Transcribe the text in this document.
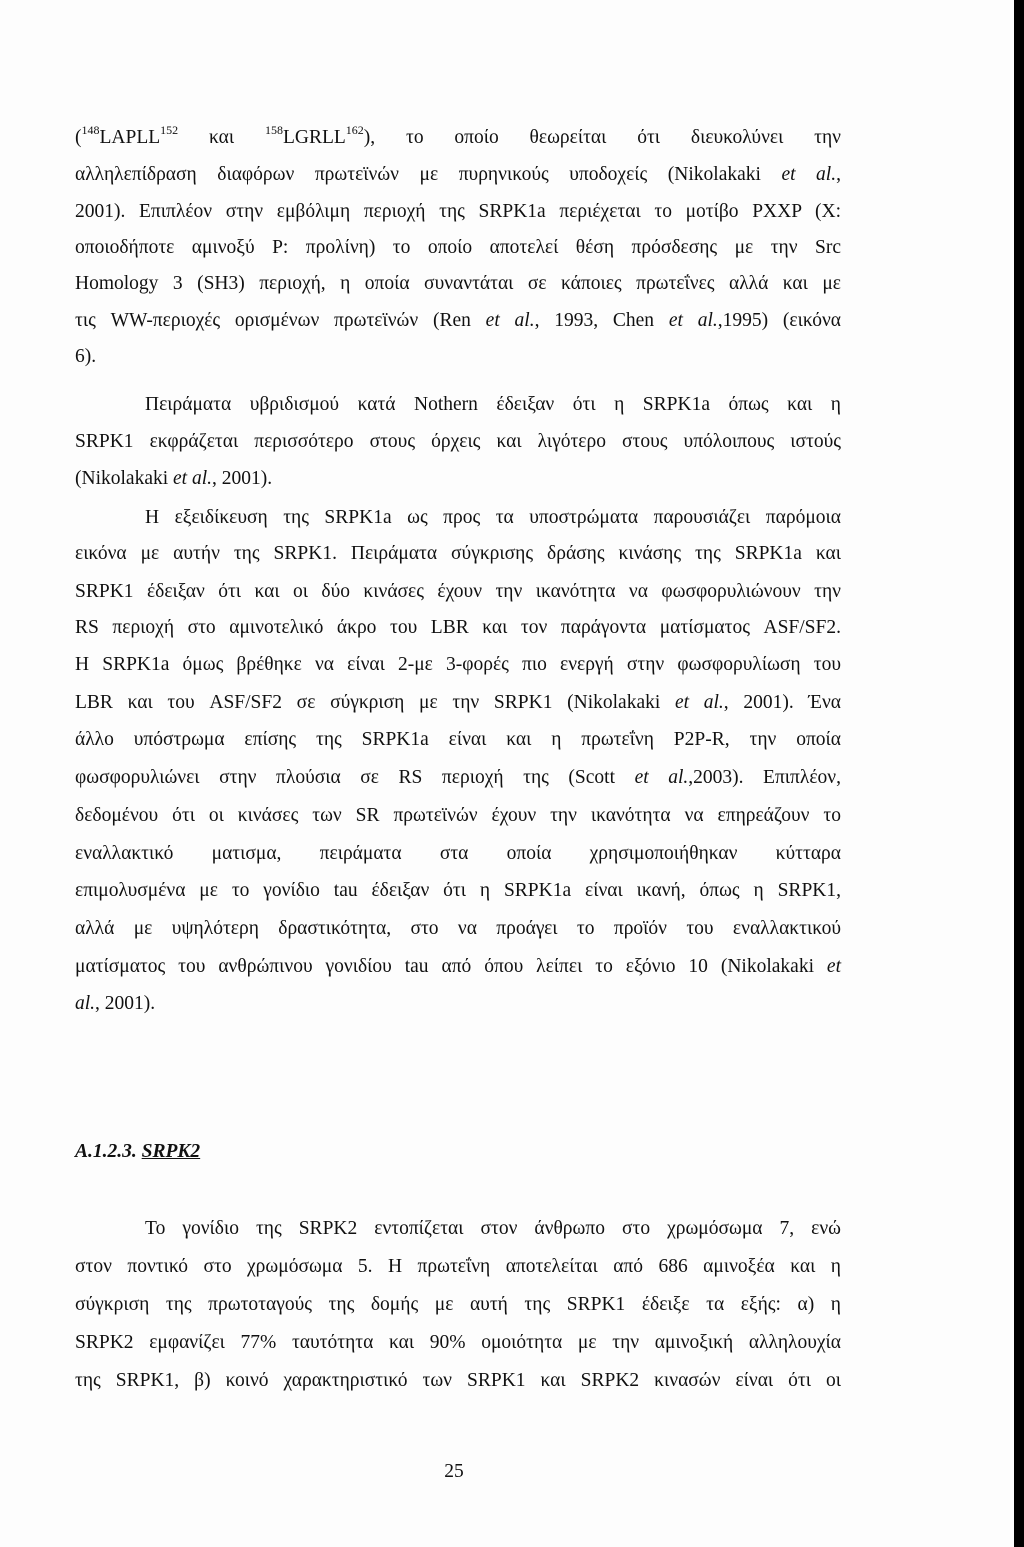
($^{148}$LAPLL$^{152}$ και $^{158}$LGRLL$^{162}$), το οποίο θεωρείται ότι διευκολύνει την
αλληλεπίδραση διαφόρων πρωτεϊνών με πυρηνικούς υποδοχείς (Nikolakaki et al.,
2001). Επιπλέον στην εμβόλιμη περιοχή της SRPK1a περιέχεται το μοτίβο PXXP (X:
οποιοδήποτε αμινοξύ P: προλίνη) το οποίο αποτελεί θέση πρόσδεσης με την Src
Homology 3 (SH3) περιοχή, η οποία συναντάται σε κάποιες πρωτεΐνες αλλά και με
τις WW-περιοχές ορισμένων πρωτεϊνών (Ren et al., 1993, Chen et al.,1995) (εικόνα
6).
Πειράματα υβριδισμού κατά Nothern έδειξαν ότι η SRPK1a όπως και η
SRPK1 εκφράζεται περισσότερο στους όρχεις και λιγότερο στους υπόλοιπους ιστούς
(Nikolakaki et al., 2001).
Η εξειδίκευση της SRPK1a ως προς τα υποστρώματα παρουσιάζει παρόμοια
εικόνα με αυτήν της SRPK1. Πειράματα σύγκρισης δράσης κινάσης της SRPK1a και
SRPK1 έδειξαν ότι και οι δύο κινάσες έχουν την ικανότητα να φωσφορυλιώνουν την
RS περιοχή στο αμινοτελικό άκρο του LBR και τον παράγοντα ματίσματος ASF/SF2.
Η SRPK1a όμως βρέθηκε να είναι 2-με 3-φορές πιο ενεργή στην φωσφορυλίωση του
LBR και του ASF/SF2 σε σύγκριση με την SRPK1 (Nikolakaki et al., 2001). Ένα
άλλο υπόστρωμα επίσης της SRPK1a είναι και η πρωτεΐνη P2P-R, την οποία
φωσφορυλιώνει στην πλούσια σε RS περιοχή της (Scott et al.,2003). Επιπλέον,
δεδομένου ότι οι κινάσες των SR πρωτεϊνών έχουν την ικανότητα να επηρεάζουν το
εναλλακτικό ματισμα, πειράματα στα οποία χρησιμοποιήθηκαν κύτταρα
επιμολυσμένα με το γονίδιο tau έδειξαν ότι η SRPK1a είναι ικανή, όπως η SRPK1,
αλλά με υψηλότερη δραστικότητα, στο να προάγει το προϊόν του εναλλακτικού
ματίσματος του ανθρώπινου γονιδίου tau από όπου λείπει το εξόνιο 10 (Nikolakaki et
al., 2001).
A.1.2.3. SRPK2
Το γονίδιο της SRPK2 εντοπίζεται στον άνθρωπο στο χρωμόσωμα 7, ενώ
στον ποντικό στο χρωμόσωμα 5. Η πρωτεΐνη αποτελείται από 686 αμινοξέα και η
σύγκριση της πρωτοταγούς της δομής με αυτή της SRPK1 έδειξε τα εξής: α) η
SRPK2 εμφανίζει 77% ταυτότητα και 90% ομοιότητα με την αμινοξική αλληλουχία
της SRPK1, β) κοινό χαρακτηριστικό των SRPK1 και SRPK2 κινασών είναι ότι οι
25
